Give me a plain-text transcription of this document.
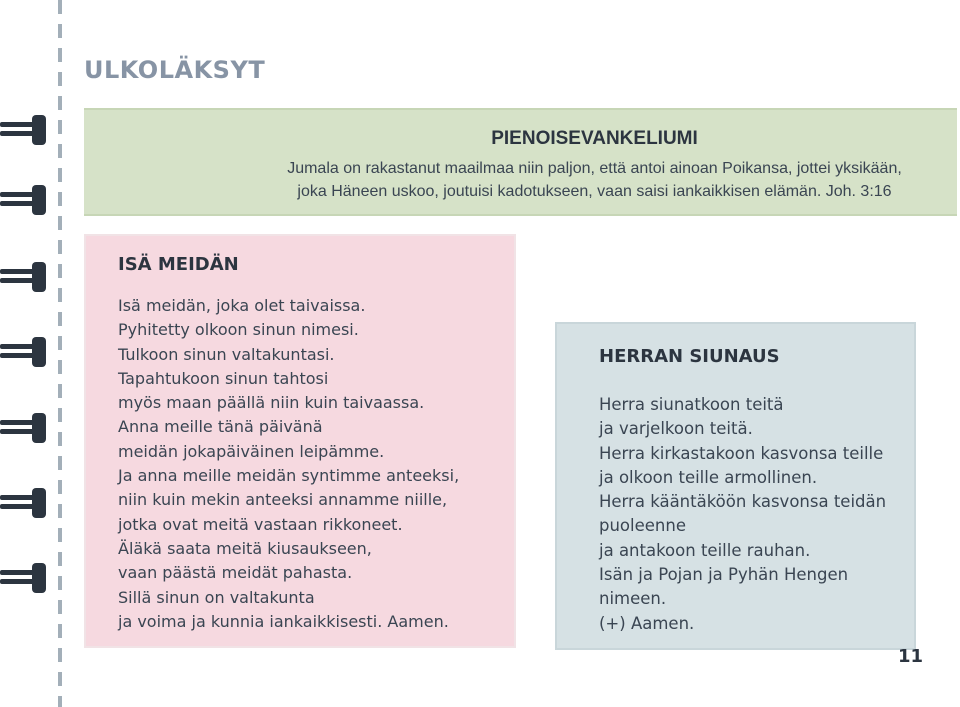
ULKOLÄKSYT
PIENOISEVANKELIUMI

Jumala on rakastanut maailmaa niin paljon, että antoi ainoan Poikansa, jottei yksikään,

joka Häneen uskoo, joutuisi kadotukseen, vaan saisi iankaikkisen elämän. Joh. 3:16

ISÄ MEIDÄN
Isä meidän, joka olet taivaissa.
Pyhitetty olkoon sinun nimesi.
Tulkoon sinun valtakuntasi.
Tapahtukoon sinun tahtosi
myös maan päällä niin kuin taivaassa.
Anna meille tänä päivänä
meidän jokapäiväinen leipämme.
Ja anna meille meidän syntimme anteeksi,
niin kuin mekin anteeksi annamme niille,
jotka ovat meitä vastaan rikkoneet.
Äläkä saata meitä kiusaukseen,
vaan päästä meidät pahasta.
Sillä sinun on valtakunta
ja voima ja kunnia iankaikkisesti. Aamen.
HERRAN SIUNAUS
Herra siunatkoon teitä
ja varjelkoon teitä.
Herra kirkastakoon kasvonsa teille
ja olkoon teille armollinen.
Herra kääntäköön kasvonsa teidän
puoleenne
ja antakoon teille rauhan.
Isän ja Pojan ja Pyhän Hengen
nimeen.
(+) Aamen.
11
